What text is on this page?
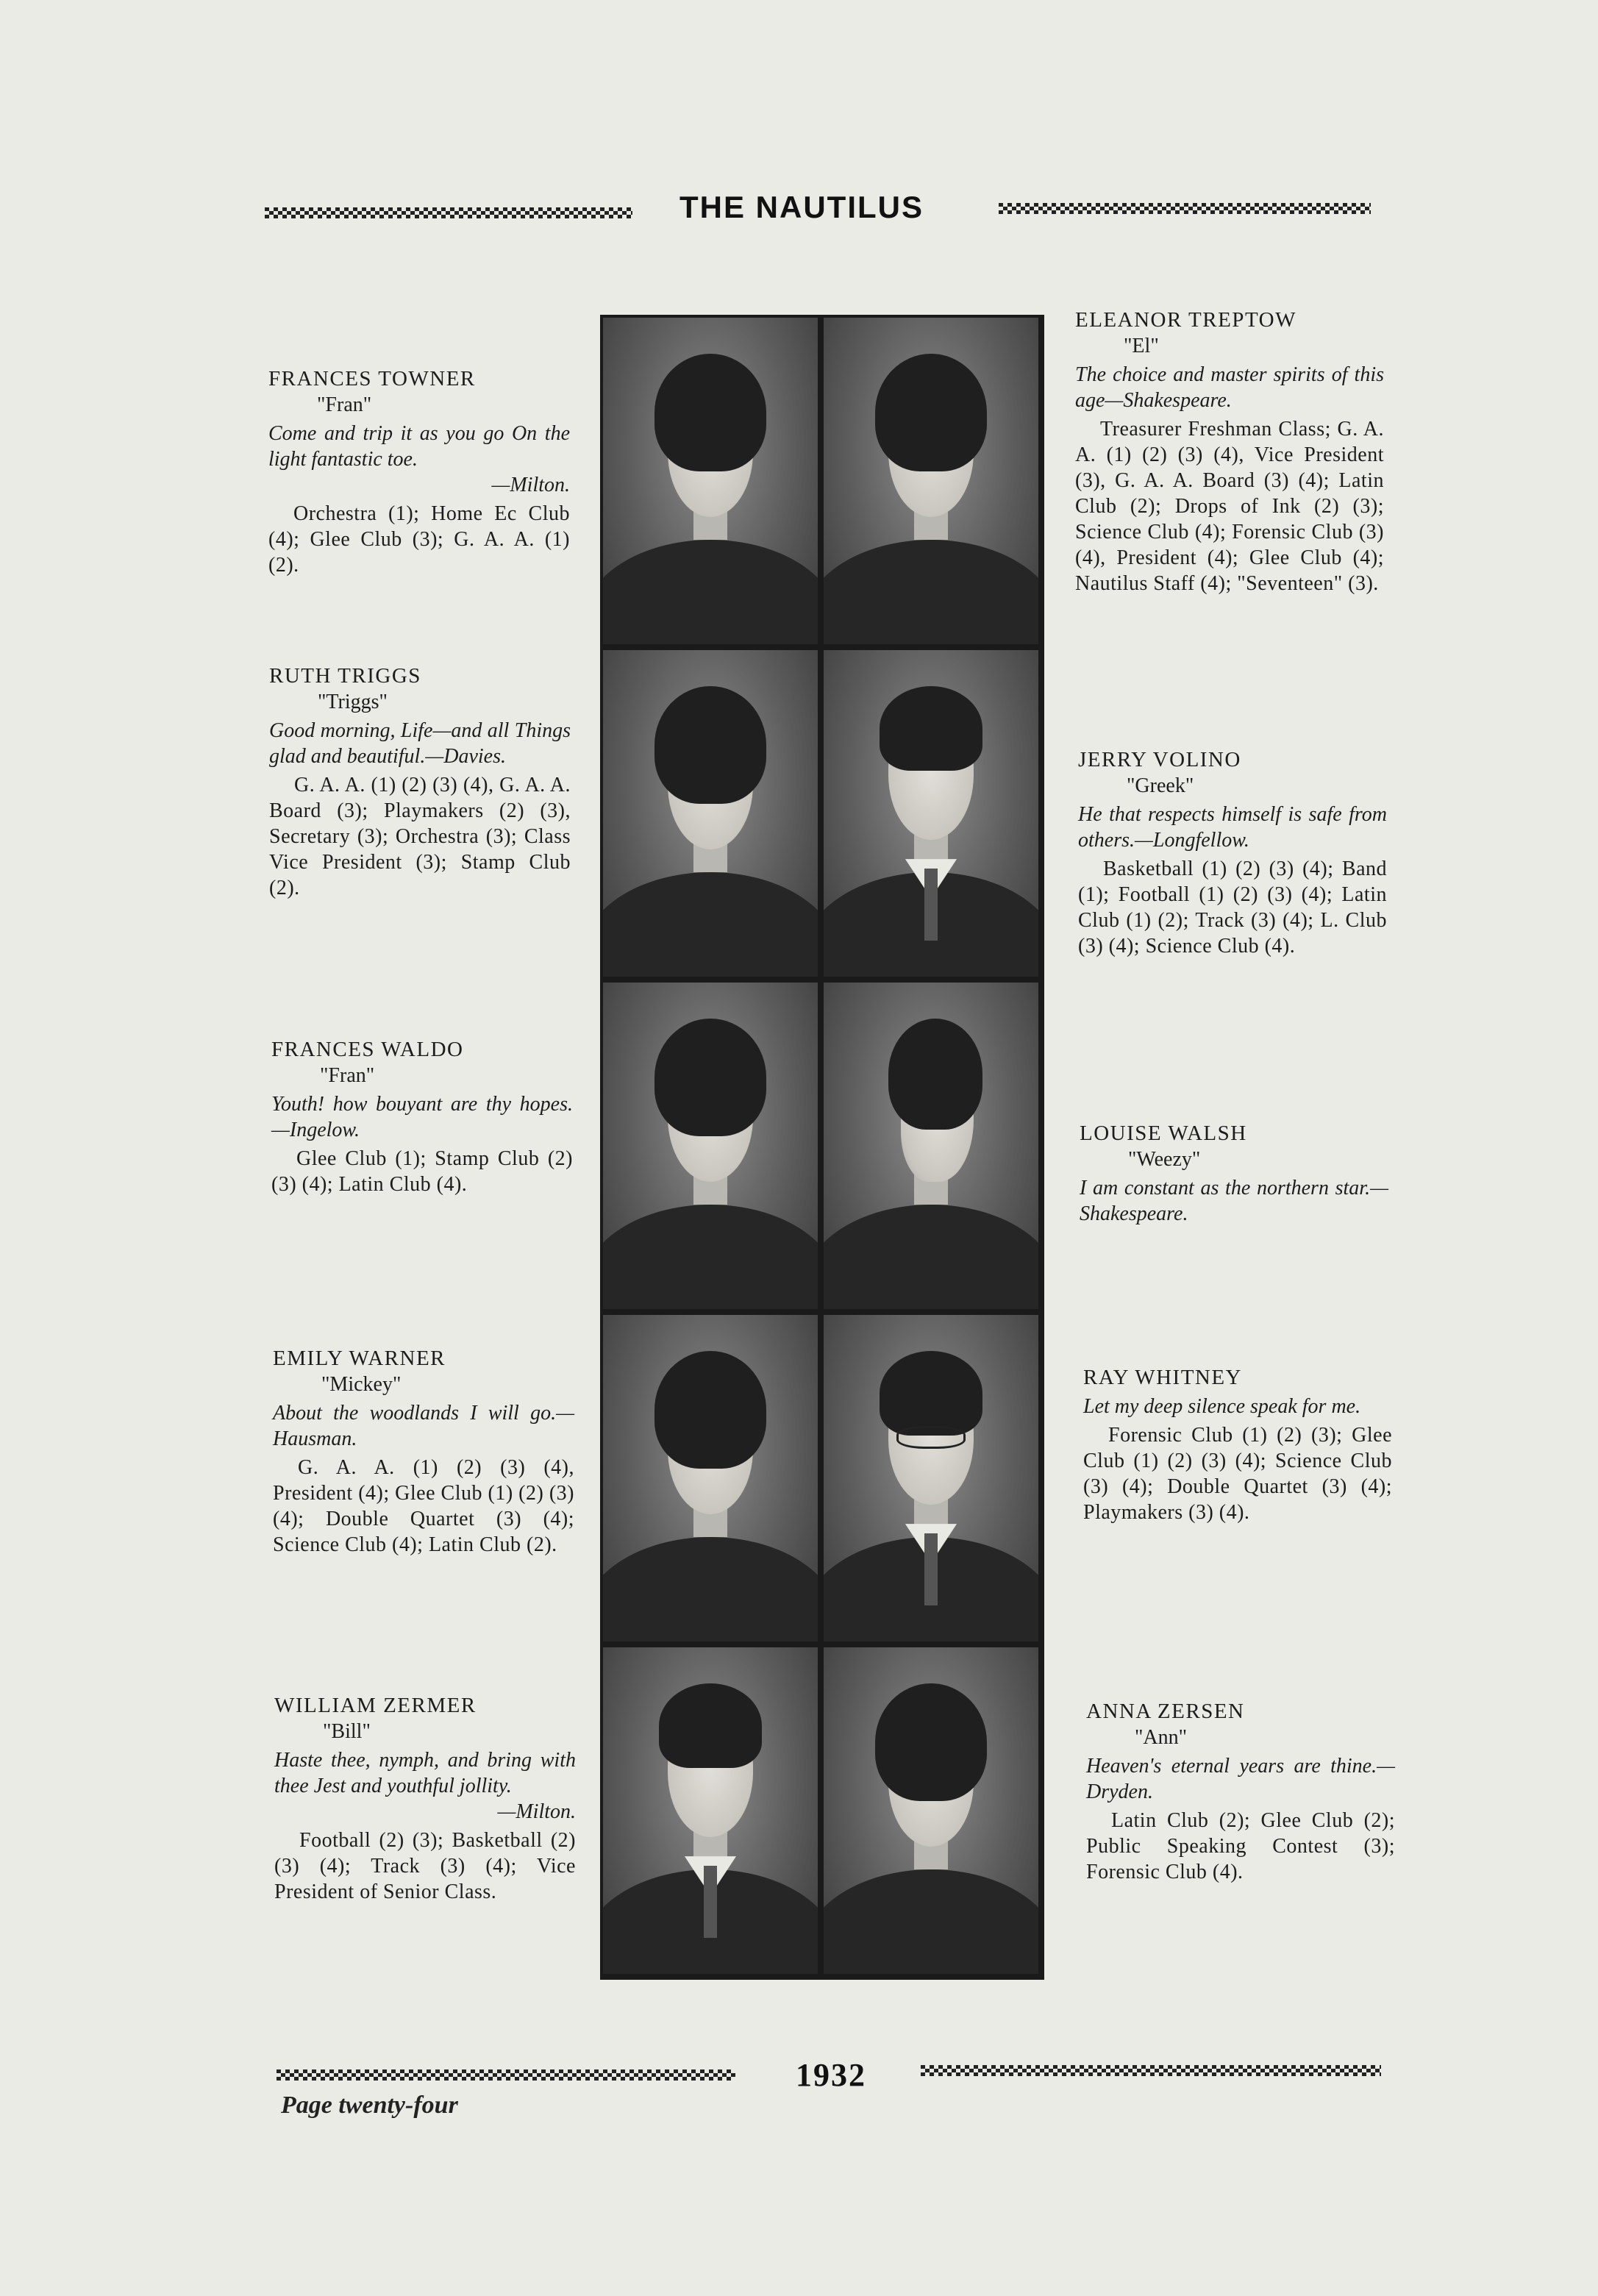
THE NAUTILUS
FRANCES TOWNER
"Fran"
Come and trip it as you go On the light fantastic toe.
—Milton.
Orchestra (1); Home Ec Club (4); Glee Club (3); G. A. A. (1) (2).
RUTH TRIGGS
"Triggs"
Good morning, Life—and all Things glad and beautiful.—Davies.
G. A. A. (1) (2) (3) (4), G. A. A. Board (3); Playmakers (2) (3), Secretary (3); Orchestra (3); Class Vice President (3); Stamp Club (2).
FRANCES WALDO
"Fran"
Youth! how bouyant are thy hopes.—Ingelow.
Glee Club (1); Stamp Club (2) (3) (4); Latin Club (4).
EMILY WARNER
"Mickey"
About the woodlands I will go.—Hausman.
G. A. A. (1) (2) (3) (4), President (4); Glee Club (1) (2) (3) (4); Double Quartet (3) (4); Science Club (4); Latin Club (2).
WILLIAM ZERMER
"Bill"
Haste thee, nymph, and bring with thee Jest and youthful jollity.
—Milton.
Football (2) (3); Basketball (2) (3) (4); Track (3) (4); Vice President of Senior Class.
ELEANOR TREPTOW
"El"
The choice and master spirits of this age—Shakespeare.
Treasurer Freshman Class; G. A. A. (1) (2) (3) (4), Vice President (3), G. A. A. Board (3) (4); Latin Club (2); Drops of Ink (2) (3); Science Club (4); Forensic Club (3) (4), President (4); Glee Club (4); Nautilus Staff (4); "Seventeen" (3).
JERRY VOLINO
"Greek"
He that respects himself is safe from others.—Longfellow.
Basketball (1) (2) (3) (4); Band (1); Football (1) (2) (3) (4); Latin Club (1) (2); Track (3) (4); L. Club (3) (4); Science Club (4).
LOUISE WALSH
"Weezy"
I am constant as the northern star.—Shakespeare.
RAY WHITNEY
Let my deep silence speak for me.
Forensic Club (1) (2) (3); Glee Club (1) (2) (3) (4); Science Club (3) (4); Double Quartet (3) (4); Playmakers (3) (4).
ANNA ZERSEN
"Ann"
Heaven's eternal years are thine.—Dryden.
Latin Club (2); Glee Club (2); Public Speaking Contest (3); Forensic Club (4).
1932
Page twenty-four
